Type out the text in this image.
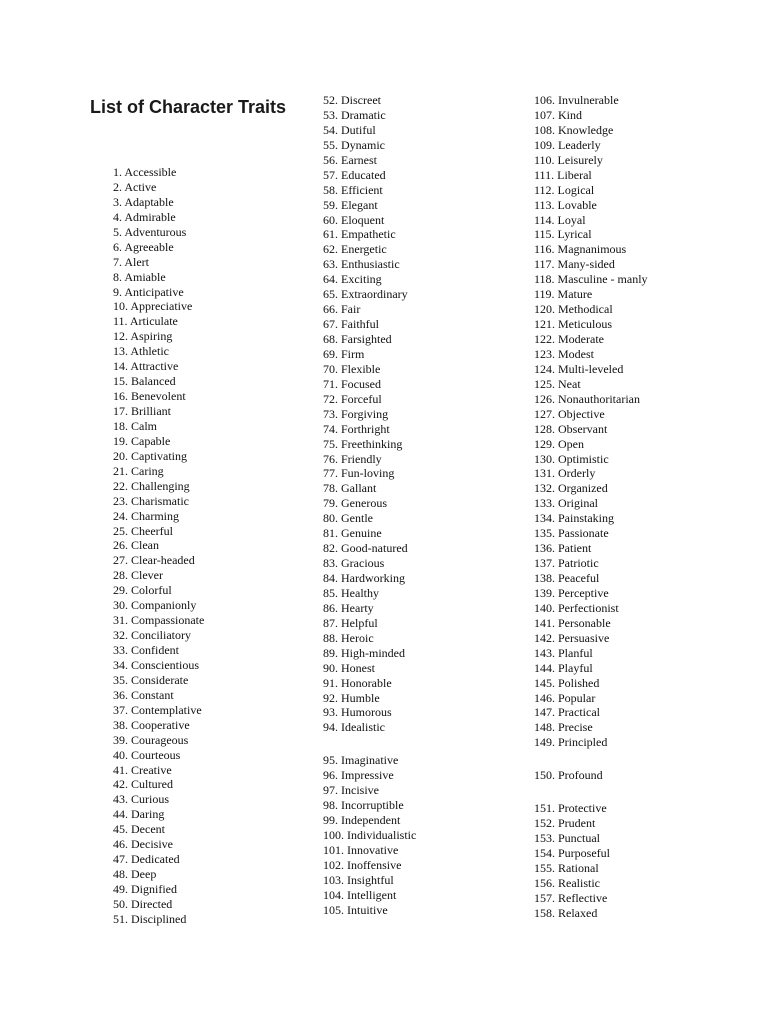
List of Character Traits
1. Accessible
2. Active
3. Adaptable
4. Admirable
5. Adventurous
6. Agreeable
7. Alert
8. Amiable
9. Anticipative
10. Appreciative
11. Articulate
12. Aspiring
13. Athletic
14. Attractive
15. Balanced
16. Benevolent
17. Brilliant
18. Calm
19. Capable
20. Captivating
21. Caring
22. Challenging
23. Charismatic
24. Charming
25. Cheerful
26. Clean
27. Clear-headed
28. Clever
29. Colorful
30. Companionly
31. Compassionate
32. Conciliatory
33. Confident
34. Conscientious
35. Considerate
36. Constant
37. Contemplative
38. Cooperative
39. Courageous
40. Courteous
41. Creative
42. Cultured
43. Curious
44. Daring
45. Decent
46. Decisive
47. Dedicated
48. Deep
49. Dignified
50. Directed
51. Disciplined
52. Discreet
53. Dramatic
54. Dutiful
55. Dynamic
56. Earnest
57. Educated
58. Efficient
59. Elegant
60. Eloquent
61. Empathetic
62. Energetic
63. Enthusiastic
64. Exciting
65. Extraordinary
66. Fair
67. Faithful
68. Farsighted
69. Firm
70. Flexible
71. Focused
72. Forceful
73. Forgiving
74. Forthright
75. Freethinking
76. Friendly
77. Fun-loving
78. Gallant
79. Generous
80. Gentle
81. Genuine
82. Good-natured
83. Gracious
84. Hardworking
85. Healthy
86. Hearty
87. Helpful
88. Heroic
89. High-minded
90. Honest
91. Honorable
92. Humble
93. Humorous
94. Idealistic
95. Imaginative
96. Impressive
97. Incisive
98. Incorruptible
99. Independent
100. Individualistic
101. Innovative
102. Inoffensive
103. Insightful
104. Intelligent
105. Intuitive
106. Invulnerable
107. Kind
108. Knowledge
109. Leaderly
110. Leisurely
111. Liberal
112. Logical
113. Lovable
114. Loyal
115. Lyrical
116. Magnanimous
117. Many-sided
118. Masculine - manly
119. Mature
120. Methodical
121. Meticulous
122. Moderate
123. Modest
124. Multi-leveled
125. Neat
126. Nonauthoritarian
127. Objective
128. Observant
129. Open
130. Optimistic
131. Orderly
132. Organized
133. Original
134. Painstaking
135. Passionate
136. Patient
137. Patriotic
138. Peaceful
139. Perceptive
140. Perfectionist
141. Personable
142. Persuasive
143. Planful
144. Playful
145. Polished
146. Popular
147. Practical
148. Precise
149. Principled
150. Profound
151. Protective
152. Prudent
153. Punctual
154. Purposeful
155. Rational
156. Realistic
157. Reflective
158. Relaxed
